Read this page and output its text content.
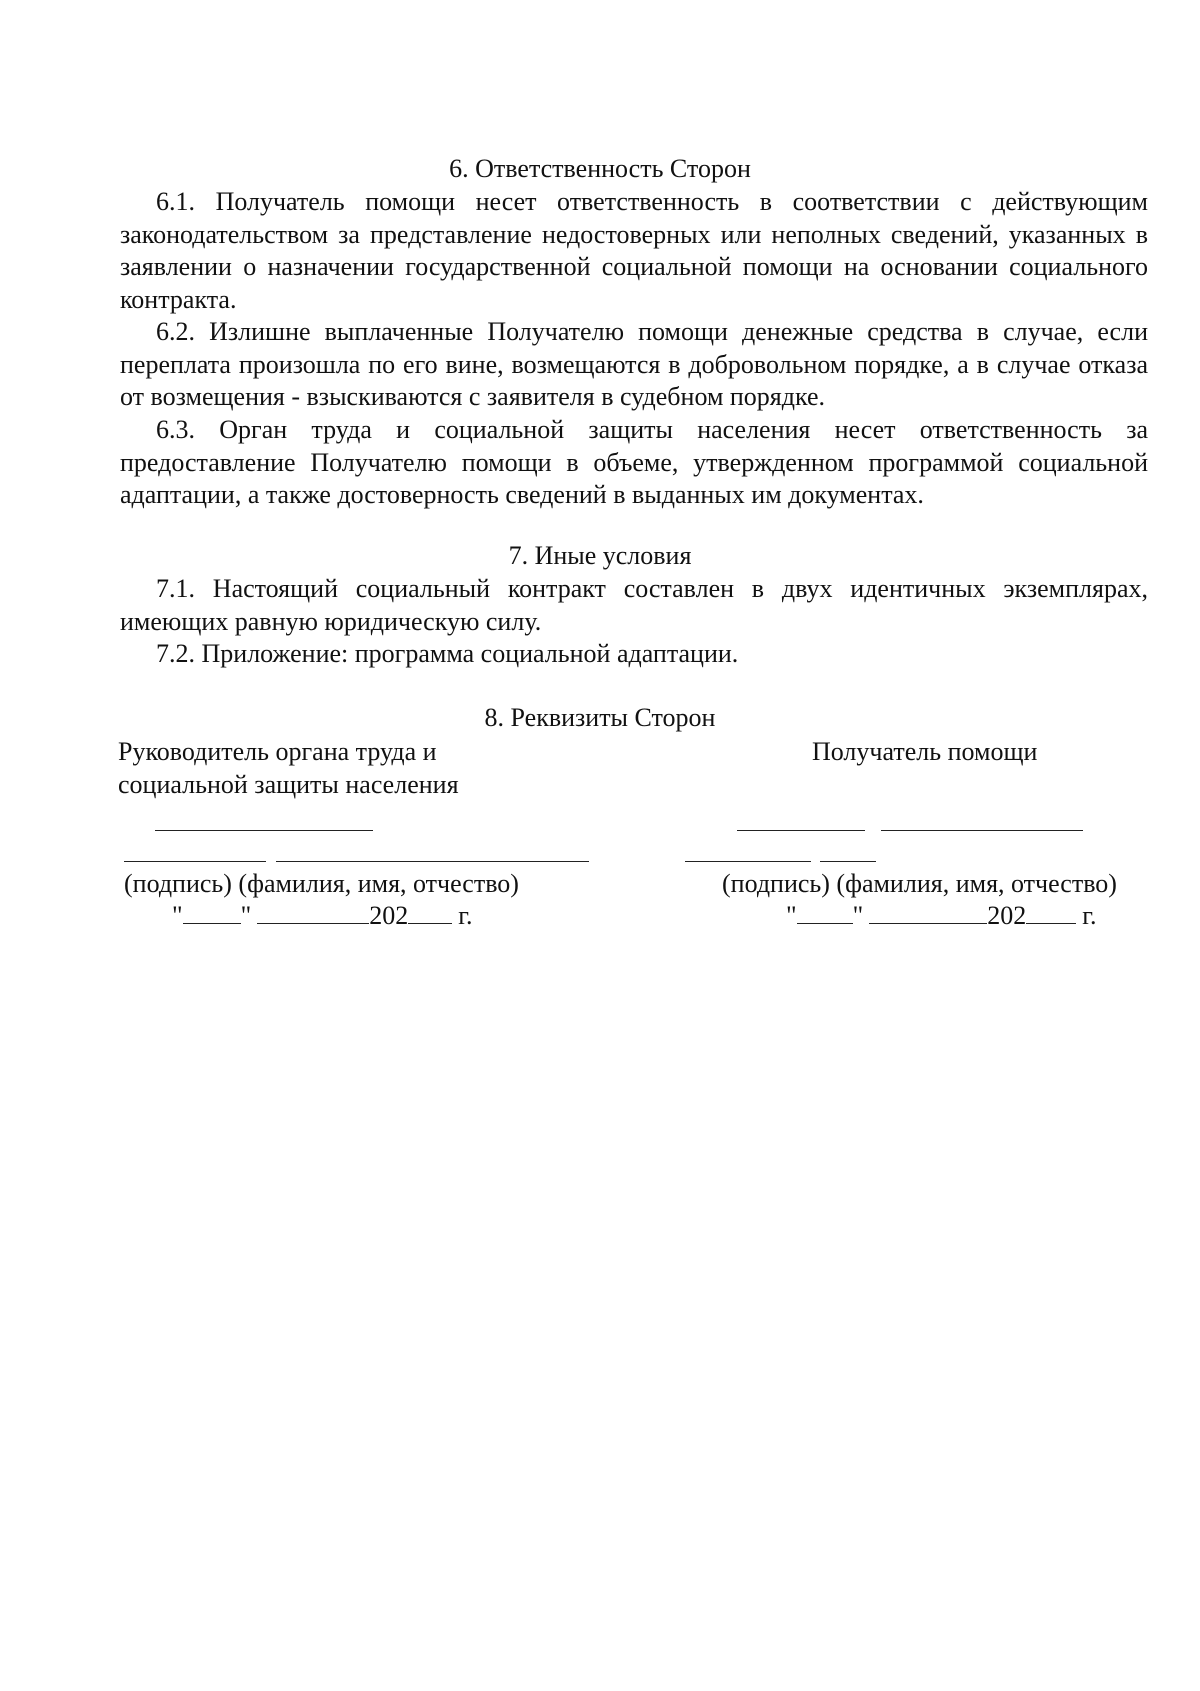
6. Ответственность Сторон

6.1. Получатель помощи несет ответственность в соответствии с действующим законодательством за представление недостоверных или неполных сведений, указанных в заявлении о назначении государственной социальной помощи на основании социального контракта.

6.2. Излишне выплаченные Получателю помощи денежные средства в случае, если переплата произошла по его вине, возмещаются в добровольном порядке, а в случае отказа от возмещения - взыскиваются с заявителя в судебном порядке.

6.3. Орган труда и социальной защиты населения несет ответственность за предоставление Получателю помощи в объеме, утвержденном программой социальной адаптации, а также достоверность сведений в выданных им документах.

7. Иные условия

7.1. Настоящий социальный контракт составлен в двух идентичных экземплярах, имеющих равную юридическую силу.

7.2. Приложение: программа социальной адаптации.

8. Реквизиты Сторон
Руководитель органа труда и
социальной защиты населения
(подпись) (фамилия, имя, отчество)
" "	202 г.
Получатель помощи
(подпись) (фамилия, имя, отчество)
" "	202 г.
